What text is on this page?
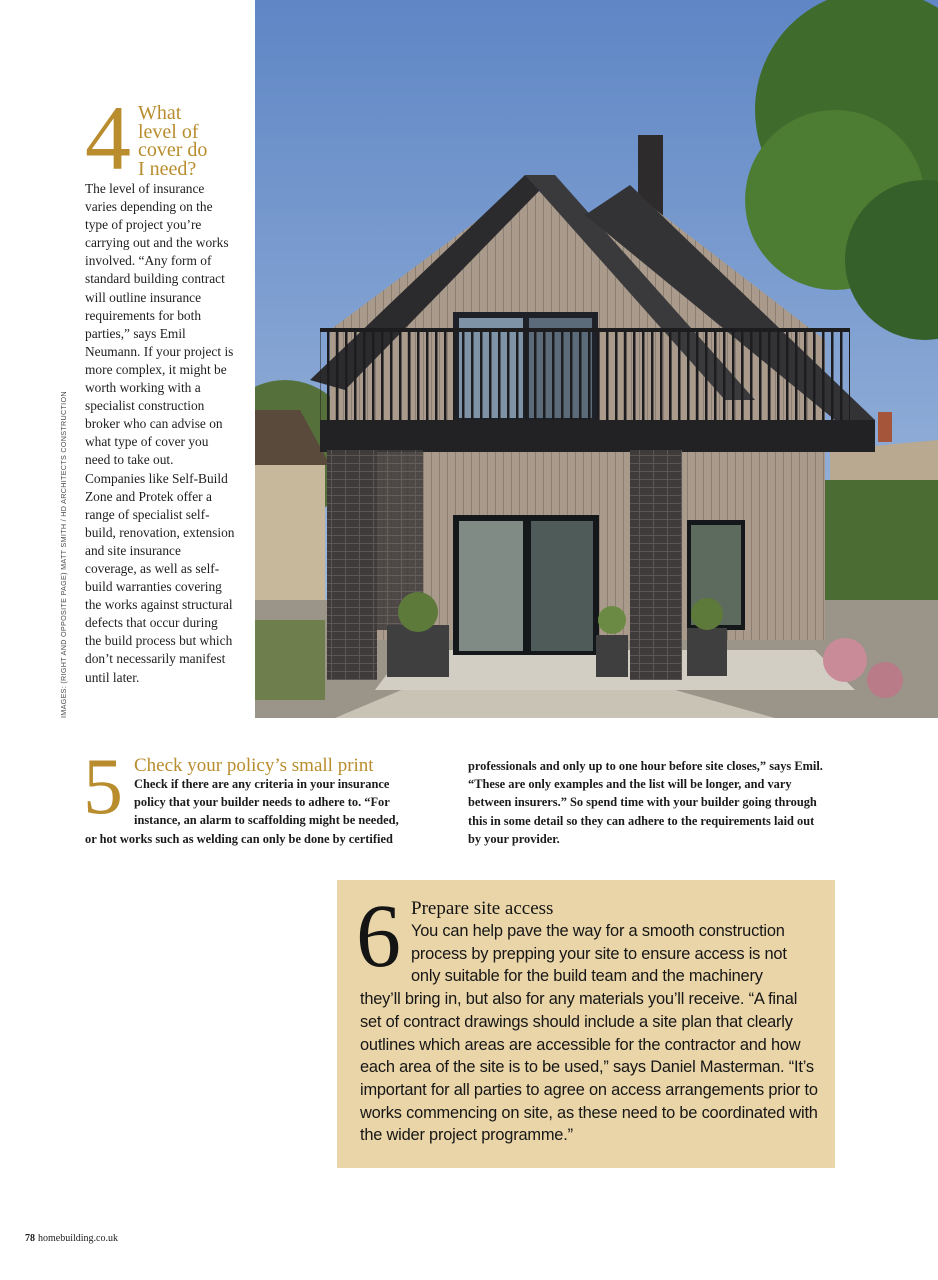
IMAGES: (RIGHT AND OPPOSITE PAGE) MATT SMITH / HD ARCHITECTS CONSTRUCTION
4 What
level of
cover do
I need?
The level of insurance varies depending on the type of project you’re carrying out and the works involved. “Any form of standard building contract will outline insurance requirements for both parties,” says Emil Neumann. If your project is more complex, it might be worth working with a specialist construction broker who can advise on what type of cover you need to take out. Companies like Self-Build Zone and Protek offer a range of specialist self-build, renovation, extension and site insurance coverage, as well as self-build warranties covering the works against structural defects that occur during the build process but which don’t necessarily manifest until later.
5 Check your policy’s small print
Check if there are any criteria in your insurance
policy that your builder needs to adhere to. “For
instance, an alarm to scaffolding might be needed,
or hot works such as welding can only be done by certified
professionals and only up to one hour before site closes,” says Emil. “These are only examples and the list will be longer, and vary between insurers.” So spend time with your builder going through this in some detail so they can adhere to the requirements laid out by your provider.
6 Prepare site access
You can help pave the way for a smooth construction
process by prepping your site to ensure access is not
only suitable for the build team and the machinery
they’ll bring in, but also for any materials you’ll receive. “A final set of contract drawings should include a site plan that clearly outlines which areas are accessible for the contractor and how each area of the site is to be used,” says Daniel Masterman. “It’s important for all parties to agree on access arrangements prior to works commencing on site, as these need to be coordinated with the wider project programme.”
78 homebuilding.co.uk
